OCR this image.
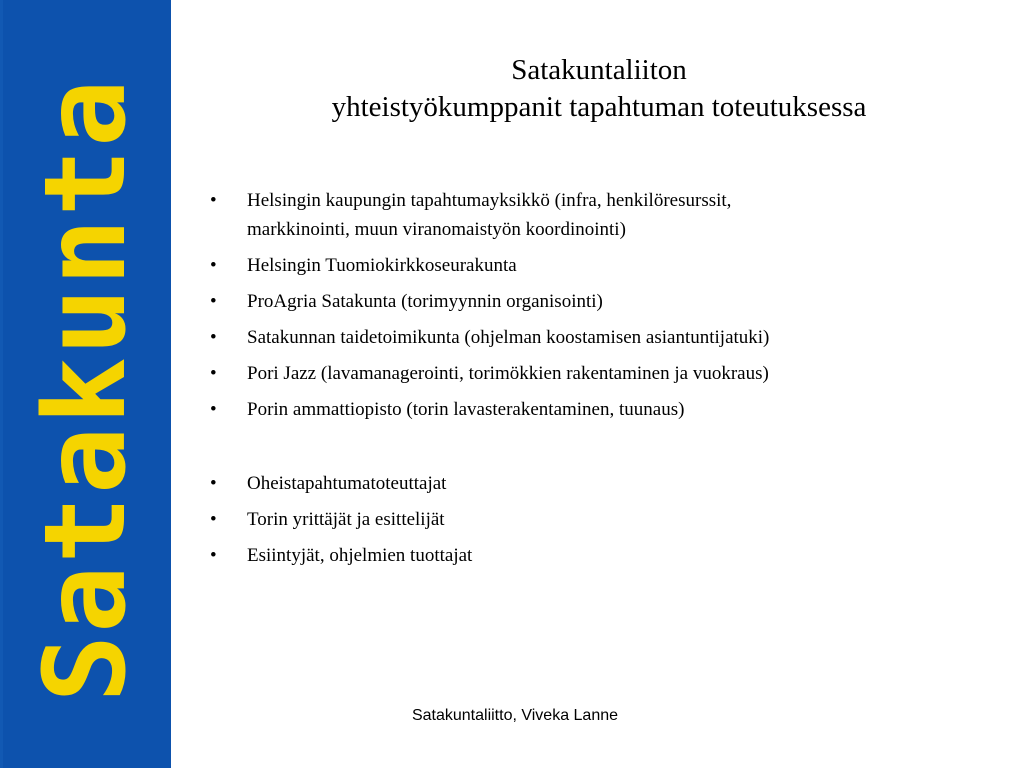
Satakunta
Satakuntaliiton
yhteistyökumppanit tapahtuman toteutuksessa
• Helsingin kaupungin tapahtumayksikkö (infra, henkilöresurssit,
markkinointi, muun viranomaistyön koordinointi)
• Helsingin Tuomiokirkkoseurakunta
• ProAgria Satakunta (torimyynnin organisointi)
• Satakunnan taidetoimikunta (ohjelman koostamisen asiantuntijatuki)
• Pori Jazz (lavamanagerointi, torimökkien rakentaminen ja vuokraus)
• Porin ammattiopisto (torin lavasterakentaminen, tuunaus)
• Oheistapahtumatoteuttajat
• Torin yrittäjät ja esittelijät
• Esiintyjät, ohjelmien tuottajat
Satakuntaliitto, Viveka Lanne
